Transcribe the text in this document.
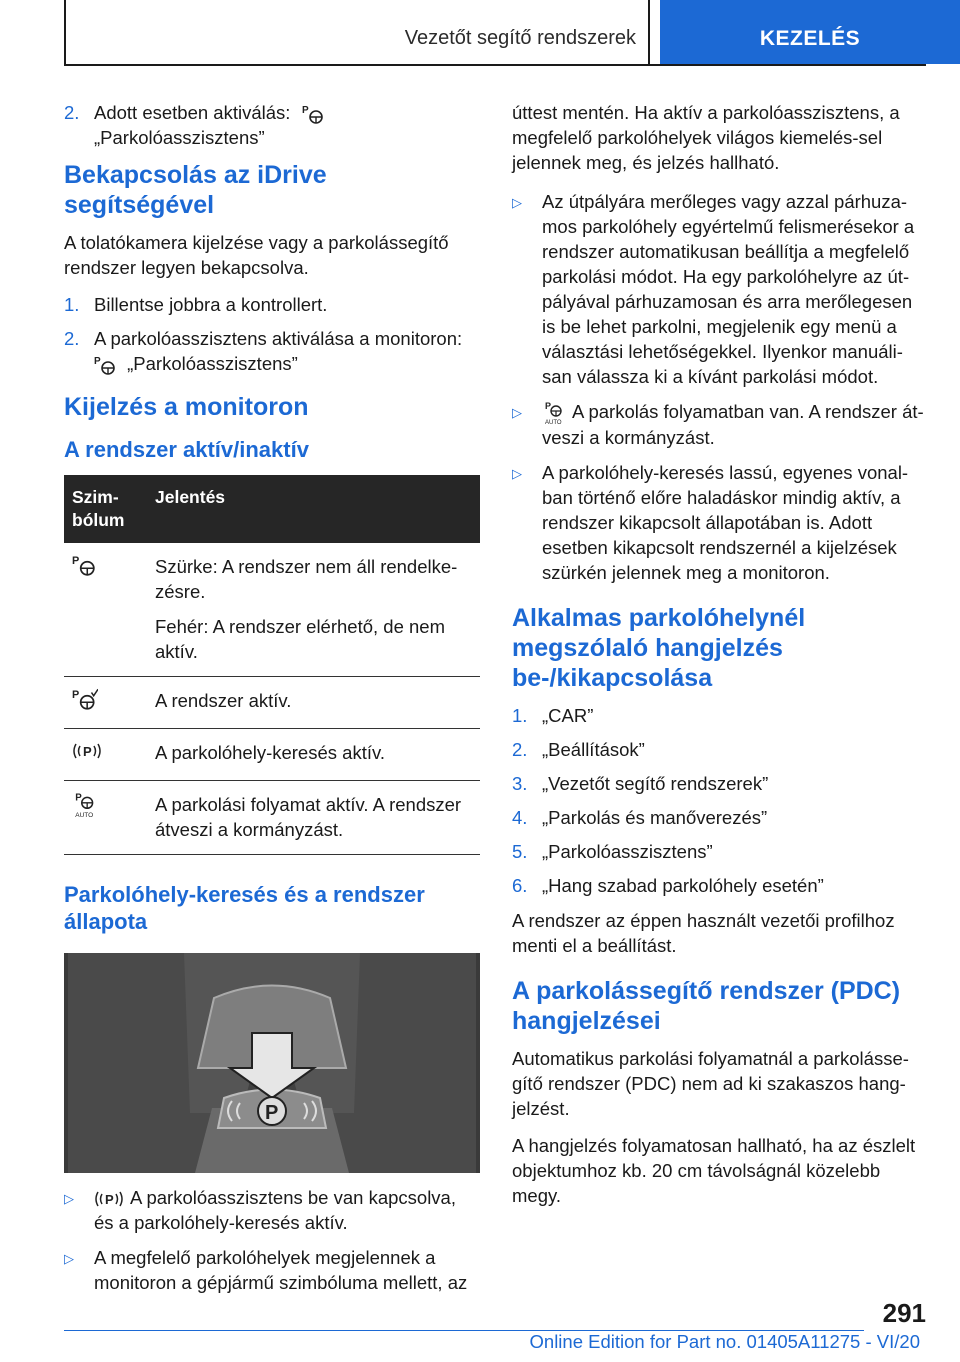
Vezetőt segítő rendszerek	KEZELÉS
2. Adott esetben aktiválás: P

„Parkolóasszisztens”
Bekapcsolás az iDrive segítségével

A tolatókamera kijelzése vagy a parkolássegítő rendszer legyen bekapcsolva.

1. Billentse jobbra a kontrollert.
2. A parkolóasszisztens aktiválása a monitoron:

P „Parkolóasszisztens”
Kijelzés a monitoron
A rendszer aktív/inaktív
Szim-bólum	Jelentés

P	Szürke: A rendszer nem áll rendelke-zésre.

Fehér: A rendszer elérhető, de nem aktív.

P	A rendszer aktív.

P	A parkolóhely-keresés aktív.

P
AUTO	A parkolási folyamat aktív. A rendszer átveszi a kormányzást.

Parkolóhely-keresés és a rendszer állapota
P
▷	P A parkolóasszisztens be van kapcsolva, és a parkolóhely-keresés aktív.
▷	A megfelelő parkolóhelyek megjelennek a monitoron a gépjármű szimbóluma mellett, az

úttest mentén. Ha aktív a parkolóasszisztens, a megfelelő parkolóhelyek világos kiemelés-sel jelennek meg, és jelzés hallható.

▷	Az útpályára merőleges vagy azzal párhuza-mos parkolóhely egyértelmű felismerésekor a rendszer automatikusan beállítja a megfelelő parkolási módot. Ha egy parkolóhelyre az út-pályával párhuzamosan és arra merőlegesen is be lehet parkolni, megjelenik egy menü a választási lehetőségekkel. Ilyenkor manuáli-san válassza ki a kívánt parkolási módot.
▷	P
AUTO
A parkolás folyamatban van. A rendszer át-veszi a kormányzást.
▷	A parkolóhely-keresés lassú, egyenes vonal-ban történő előre haladáskor mindig aktív, a rendszer kikapcsolt állapotában is. Adott esetben kikapcsolt rendszernél a kijelzések szürkén jelennek meg a monitoron.
Alkalmas parkolóhelynél megszólaló hangjelzés be-/kikapcsolása
1. „CAR”
2. „Beállítások”
3. „Vezetőt segítő rendszerek”
4. „Parkolás és manőverezés”
5. „Parkolóasszisztens”
6. „Hang szabad parkolóhely esetén”

A rendszer az éppen használt vezetői profilhoz menti el a beállítást.

A parkolássegítő rendszer (PDC) hangjelzései

Automatikus parkolási folyamatnál a parkolásse-gítő rendszer (PDC) nem ad ki szakaszos hang-jelzést.

A hangjelzés folyamatosan hallható, ha az észlelt objektumhoz kb. 20 cm távolságnál közelebb megy.

291
Online Edition for Part no. 01405A11275 - VI/20
